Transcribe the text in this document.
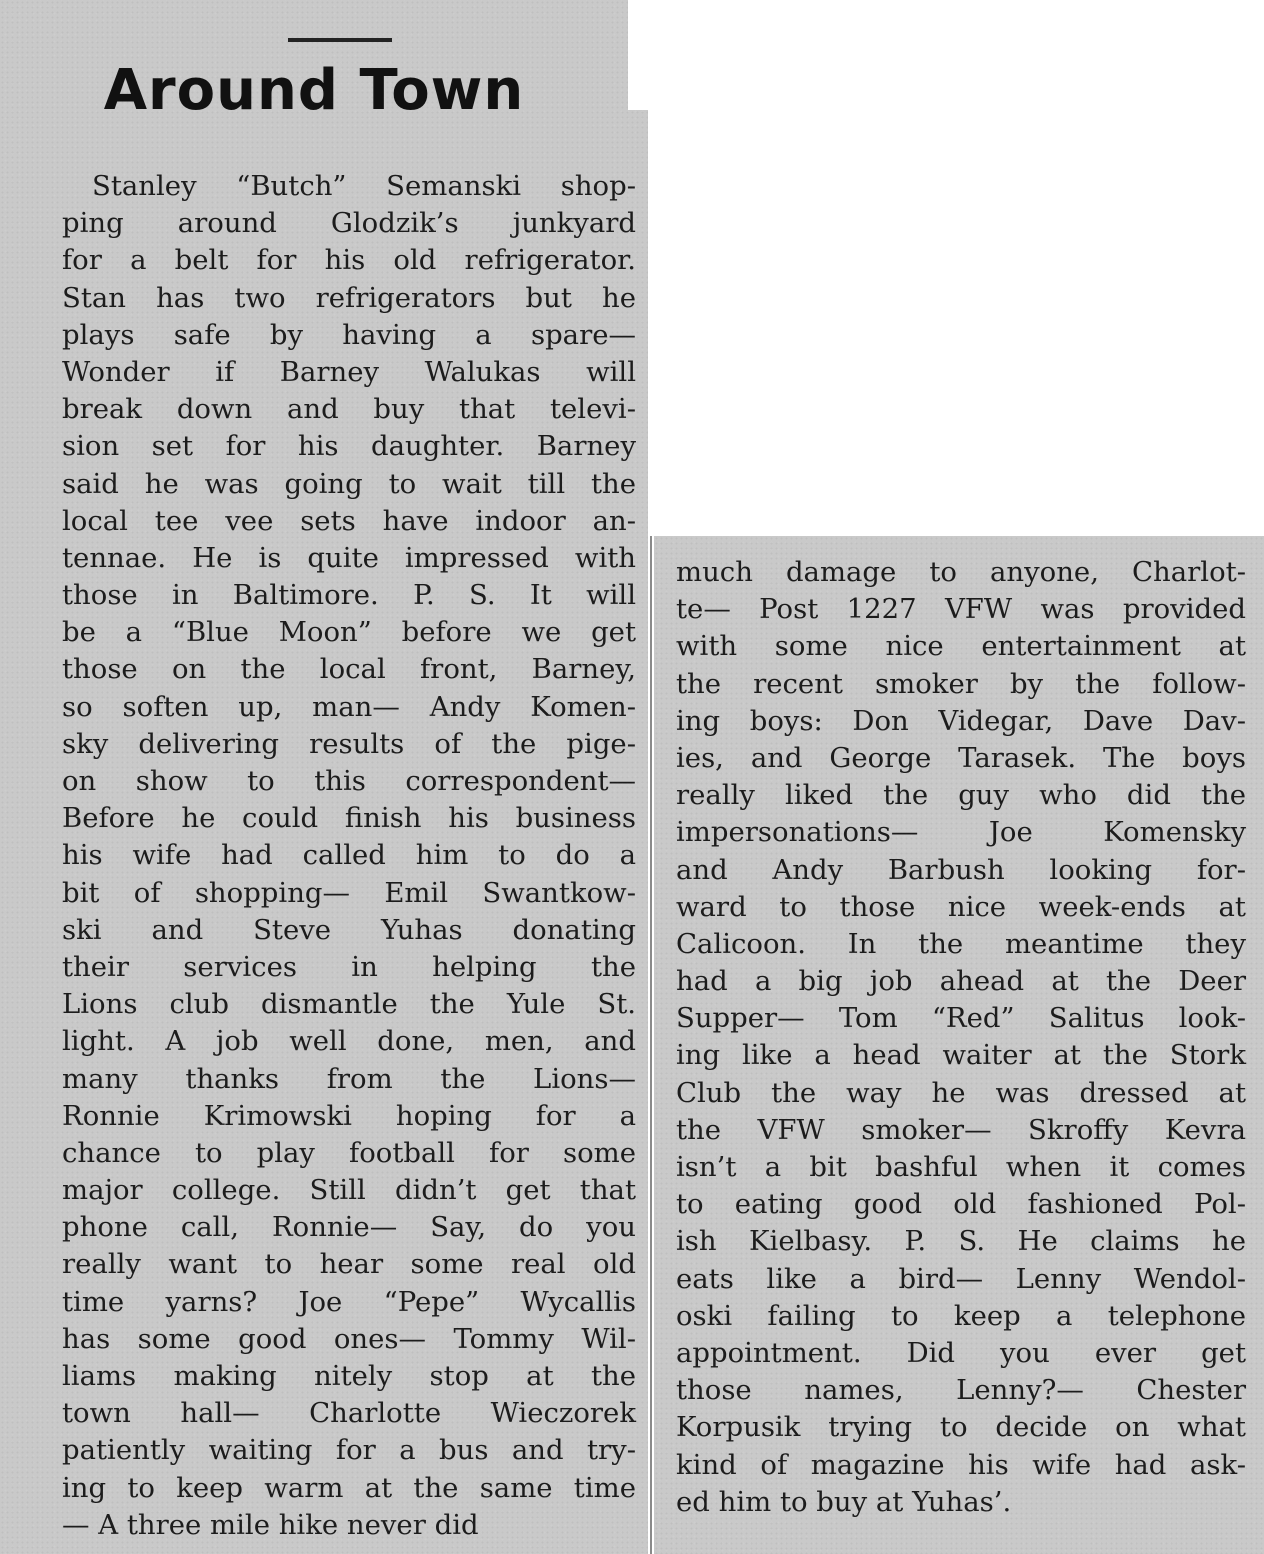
Around Town
Stanley “Butch” Semanski shop-
ping around Glodzik’s junkyard
for a belt for his old refrigerator.
Stan has two refrigerators but he
plays safe by having a spare—
Wonder if Barney Walukas will
break down and buy that televi-
sion set for his daughter. Barney
said he was going to wait till the
local tee vee sets have indoor an-
tennae. He is quite impressed with
those in Baltimore. P. S. It will
be a “Blue Moon” before we get
those on the local front, Barney,
so soften up, man— Andy Komen-
sky delivering results of the pige-
on show to this correspondent—
Before he could finish his business
his wife had called him to do a
bit of shopping— Emil Swantkow-
ski and Steve Yuhas donating
their services in helping the
Lions club dismantle the Yule St.
light. A job well done, men, and
many thanks from the Lions—
Ronnie Krimowski hoping for a
chance to play football for some
major college. Still didn’t get that
phone call, Ronnie— Say, do you
really want to hear some real old
time yarns? Joe “Pepe” Wycallis
has some good ones— Tommy Wil-
liams making nitely stop at the
town hall— Charlotte Wieczorek
patiently waiting for a bus and try-
ing to keep warm at the same time
— A three mile hike never did
much damage to anyone, Charlot-
te— Post 1227 VFW was provided
with some nice entertainment at
the recent smoker by the follow-
ing boys: Don Videgar, Dave Dav-
ies, and George Tarasek. The boys
really liked the guy who did the
impersonations— Joe Komensky
and Andy Barbush looking for-
ward to those nice week-ends at
Calicoon. In the meantime they
had a big job ahead at the Deer
Supper— Tom “Red” Salitus look-
ing like a head waiter at the Stork
Club the way he was dressed at
the VFW smoker— Skroffy Kevra
isn’t a bit bashful when it comes
to eating good old fashioned Pol-
ish Kielbasy. P. S. He claims he
eats like a bird— Lenny Wendol-
oski failing to keep a telephone
appointment. Did you ever get
those names, Lenny?— Chester
Korpusik trying to decide on what
kind of magazine his wife had ask-
ed him to buy at Yuhas’.
